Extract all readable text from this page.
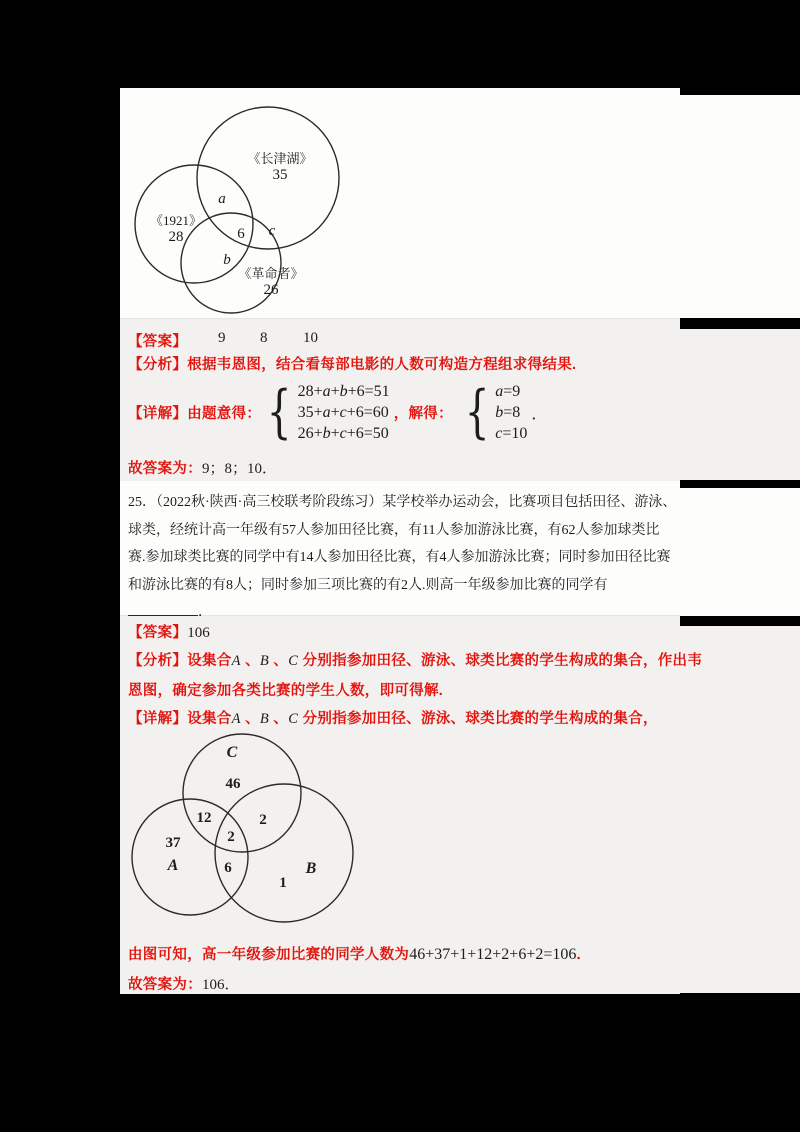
《长津湖》
35
《1921》
28
《革命者》
26
a
6 c
b
【答案】 9 8 10
【分析】根据韦恩图，结合看每部电影的人数可构造方程组求得结果.
【详解】由题意得：
{
28+a+b+6=51
35+a+c+6=60
26+b+c+6=50
，解得：
{
a=9
b=8
c=10
．
故答案为：9；8；10．
25．（2022秋·陕西·高三校联考阶段练习）某学校举办运动会，比赛项目包括田径、游泳、
球类，经统计高一年级有57人参加田径比赛，有11人参加游泳比赛，有62人参加球类比
赛.参加球类比赛的同学中有14人参加田径比赛，有4人参加游泳比赛；同时参加田径比赛
和游泳比赛的有8人；同时参加三项比赛的有2人.则高一年级参加比赛的同学有
．
【答案】106
【分析】设集合A 、B 、C 分别指参加田径、游泳、球类比赛的学生构成的集合，作出韦
恩图，确定参加各类比赛的学生人数，即可得解.
【详解】设集合A 、B 、C 分别指参加田径、游泳、球类比赛的学生构成的集合，
C
46
12	2
2
37
A	6	B
1
由图可知，高一年级参加比赛的同学人数为46+37+1+12+2+6+2=106．
故答案为：106．
